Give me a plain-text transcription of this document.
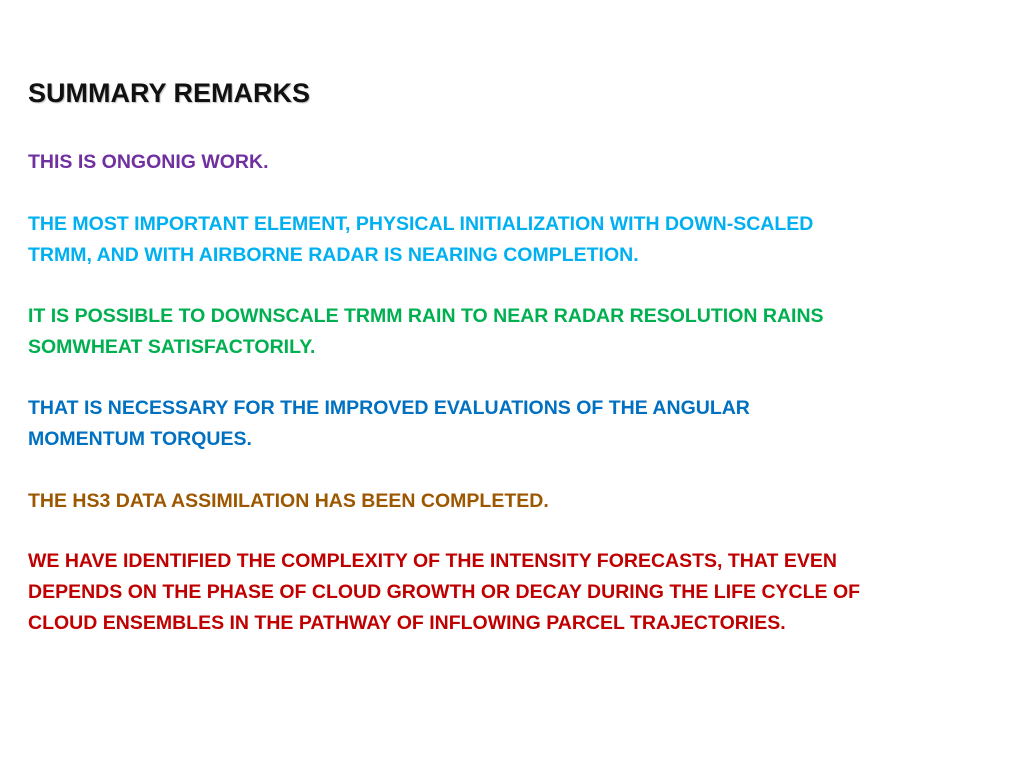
SUMMARY REMARKS

THIS IS ONGONIG WORK.

THE MOST IMPORTANT ELEMENT, PHYSICAL INITIALIZATION WITH DOWN-SCALED
TRMM, AND WITH AIRBORNE RADAR IS NEARING COMPLETION.

IT IS POSSIBLE TO DOWNSCALE TRMM RAIN TO NEAR RADAR RESOLUTION RAINS
SOMWHEAT SATISFACTORILY.

THAT IS NECESSARY FOR THE IMPROVED EVALUATIONS OF THE ANGULAR
MOMENTUM TORQUES.

THE HS3 DATA ASSIMILATION HAS BEEN COMPLETED.

WE HAVE IDENTIFIED THE COMPLEXITY OF THE INTENSITY FORECASTS, THAT EVEN
DEPENDS ON THE PHASE OF CLOUD GROWTH OR DECAY DURING THE LIFE CYCLE OF
CLOUD ENSEMBLES IN THE PATHWAY OF INFLOWING PARCEL TRAJECTORIES.
